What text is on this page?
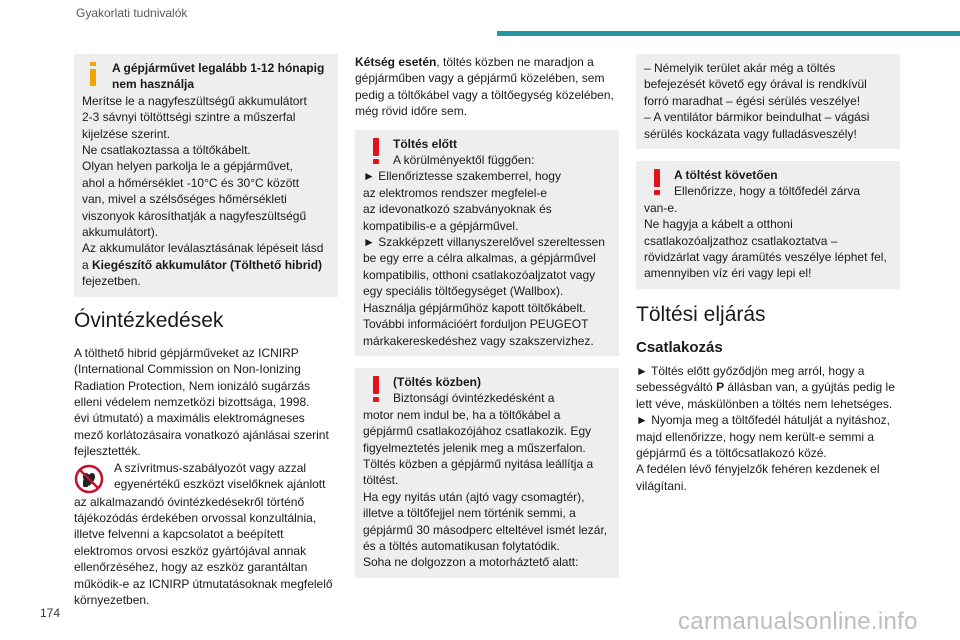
Gyakorlati tudnivalók
A gépjárművet legalább 1-12 hónapig nem használja

Merítse le a nagyfeszültségű akkumulátort

2-3 sávnyi töltöttségi szintre a műszerfal

kijelzése szerint.

Ne csatlakoztassa a töltőkábelt.

Olyan helyen parkolja le a gépjárművet,

ahol a hőmérséklet -10°C és 30°C között

van, mivel a szélsőséges hőmérsékleti

viszonyok károsíthatják a nagyfeszültségű

akkumulátort).

Az akkumulátor leválasztásának lépéseit lásd

a Kiegészítő akkumulátor (Tölthető hibrid)

fejezetben.

Óvintézkedések

A tölthető hibrid gépjárműveket az ICNIRP

(International Commission on Non-Ionizing

Radiation Protection, Nem ionizáló sugárzás

elleni védelem nemzetközi bizottsága, 1998.

évi útmutató) a maximális elektromágneses

mező korlátozásaira vonatkozó ajánlásai szerint

fejlesztették.

A szívritmus-szabályozót vagy azzal

egyenértékű eszközt viselőknek ajánlott

az alkalmazandó óvintézkedésekről történő

tájékozódás érdekében orvossal konzultálnia,

illetve felvenni a kapcsolatot a beépített

elektromos orvosi eszköz gyártójával annak

ellenőrzéséhez, hogy az eszköz garantáltan

működik-e az ICNIRP útmutatásoknak megfelelő

környezetben.

Kétség esetén, töltés közben ne maradjon a

gépjárműben vagy a gépjármű közelében, sem

pedig a töltőkábel vagy a töltőegység közelében,

még rövid időre sem.

Töltés előtt
A körülményektől függően:

► Ellenőriztesse szakemberrel, hogy

az elektromos rendszer megfelel-e

az idevonatkozó szabványoknak és

kompatibilis-e a gépjárművel.

► Szakképzett villanyszerelővel szereltessen

be egy erre a célra alkalmas, a gépjárművel

kompatibilis, otthoni csatlakozóaljzatot vagy

egy speciális töltőegységet (Wallbox).

Használja gépjárműhöz kapott töltőkábelt.

További információért forduljon PEUGEOT

márkakereskedéshez vagy szakszervizhez.

(Töltés közben)
Biztonsági óvintézkedésként a

motor nem indul be, ha a töltőkábel a

gépjármű csatlakozójához csatlakozik. Egy

figyelmeztetés jelenik meg a műszerfalon.

Töltés közben a gépjármű nyitása leállítja a

töltést.

Ha egy nyitás után (ajtó vagy csomagtér),

illetve a töltőfejjel nem történik semmi, a

gépjármű 30 másodperc elteltével ismét lezár,

és a töltés automatikusan folytatódik.

Soha ne dolgozzon a motorháztető alatt:

– Némelyik terület akár még a töltés

befejezését követő egy órával is rendkívül

forró maradhat – égési sérülés veszélye!

– A ventilátor bármikor beindulhat – vágási

sérülés kockázata vagy fulladásveszély!

A töltést követően
Ellenőrizze, hogy a töltőfedél zárva

van-e.

Ne hagyja a kábelt a otthoni

csatlakozóaljzathoz csatlakoztatva –

rövidzárlat vagy áramütés veszélye léphet fel,

amennyiben víz éri vagy lepi el!

Töltési eljárás
Csatlakozás

► Töltés előtt győződjön meg arról, hogy a

sebességváltó P állásban van, a gyújtás pedig le

lett véve, máskülönben a töltés nem lehetséges.

► Nyomja meg a töltőfedél hátulját a nyitáshoz,

majd ellenőrizze, hogy nem került-e semmi a

gépjármű és a töltőcsatlakozó közé.

A fedélen lévő fényjelzők fehéren kezdenek el

világítani.

174	carmanualsonline.info
